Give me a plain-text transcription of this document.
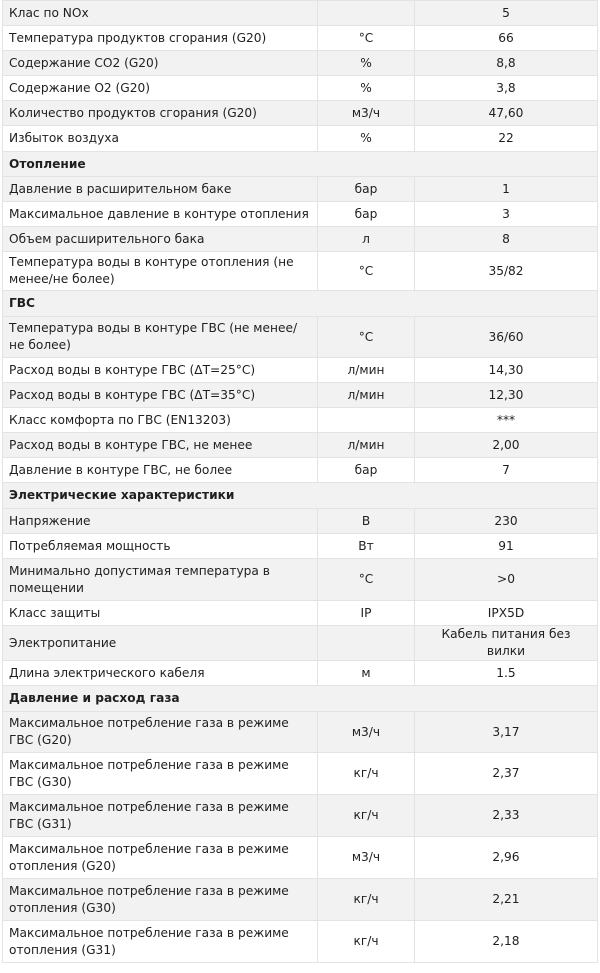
Клас по NOx		5
Температура продуктов сгорания (G20)	°C	66
Содержание CO2 (G20)	%	8,8
Содержание O2 (G20)	%	3,8
Количество продуктов сгорания (G20)	м3/ч	47,60
Избыток воздуха	%	22
Отопление		
Давление в расширительном баке	бар	1
Максимальное давление в контуре отопления	бар	3
Объем расширительного бака	л	8
Температура воды в контуре отопления (не менее/не более)	°C	35/82
ГВС		
Температура воды в контуре ГВС (не менее/не более)	°C	36/60
Расход воды в контуре ГВС (ΔT=25°C)	л/мин	14,30
Расход воды в контуре ГВС (ΔT=35°C)	л/мин	12,30
Класс комфорта по ГВС (EN13203)		***
Расход воды в контуре ГВС, не менее	л/мин	2,00
Давление в контуре ГВС, не более	бар	7
Электрические характеристики		
Напряжение	В	230
Потребляемая мощность	Вт	91
Минимально допустимая температура в помещении	°C	>0
Класс защиты	IP	IPX5D
Электропитание		Кабель питания без вилки
Длина электрического кабеля	м	1.5
Давление и расход газа		
Максимальное потребление газа в режиме ГВС (G20)	м3/ч	3,17
Максимальное потребление газа в режиме ГВС (G30)	кг/ч	2,37
Максимальное потребление газа в режиме ГВС (G31)	кг/ч	2,33
Максимальное потребление газа в режиме отопления (G20)	м3/ч	2,96
Максимальное потребление газа в режиме отопления (G30)	кг/ч	2,21
Максимальное потребление газа в режиме отопления (G31)	кг/ч	2,18
